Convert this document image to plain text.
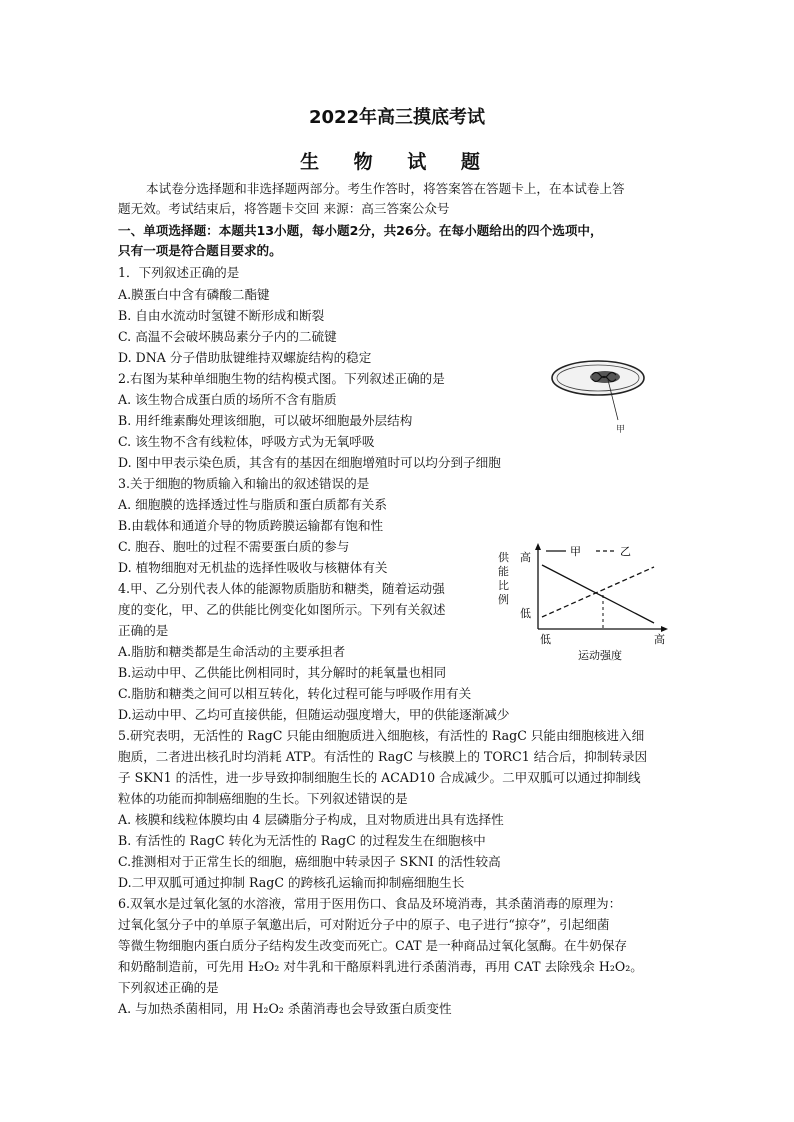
2022年高三摸底考试
生 物 试 题
本试卷分选择题和非选择题两部分。考生作答时，将答案答在答题卡上，在本试卷上答
题无效。考试结束后，将答题卡交回 来源：高三答案公众号
一、单项选择题：本题共13小题，每小题2分，共26分。在每小题给出的四个选项中，
只有一项是符合题目要求的。
1．下列叙述正确的是
A.膜蛋白中含有磷酸二酯键
B. 自由水流动时氢键不断形成和断裂
C. 高温不会破坏胰岛素分子内的二硫键
D. DNA 分子借助肽键维持双螺旋结构的稳定
2.右图为某种单细胞生物的结构模式图。下列叙述正确的是
A. 该生物合成蛋白质的场所不含有脂质
B. 用纤维素酶处理该细胞，可以破坏细胞最外层结构
C. 该生物不含有线粒体，呼吸方式为无氧呼吸
D. 图中甲表示染色质，其含有的基因在细胞增殖时可以均分到子细胞
3.关于细胞的物质输入和输出的叙述错误的是
A. 细胞膜的选择透过性与脂质和蛋白质都有关系
B.由载体和通道介导的物质跨膜运输都有饱和性
C. 胞吞、胞吐的过程不需要蛋白质的参与
D. 植物细胞对无机盐的选择性吸收与核糖体有关
4.甲、乙分别代表人体的能源物质脂肪和糖类，随着运动强
度的变化，甲、乙的供能比例变化如图所示。下列有关叙述
正确的是
A.脂肪和糖类都是生命活动的主要承担者
B.运动中甲、乙供能比例相同时，其分解时的耗氧量也相同
C.脂肪和糖类之间可以相互转化，转化过程可能与呼吸作用有关
D.运动中甲、乙均可直接供能，但随运动强度增大，甲的供能逐渐减少
5.研究表明，无活性的 RagC 只能由细胞质进入细胞核，有活性的 RagC 只能由细胞核进入细
胞质，二者进出核孔时均消耗 ATP。有活性的 RagC 与核膜上的 TORC1 结合后，抑制转录因
子 SKN1 的活性，进一步导致抑制细胞生长的 ACAD10 合成减少。二甲双胍可以通过抑制线
粒体的功能而抑制癌细胞的生长。下列叙述错误的是
A. 核膜和线粒体膜均由 4 层磷脂分子构成，且对物质进出具有选择性
B. 有活性的 RagC 转化为无活性的 RagC 的过程发生在细胞核中
C.推测相对于正常生长的细胞，癌细胞中转录因子 SKNI 的活性较高
D.二甲双胍可通过抑制 RagC 的跨核孔运输而抑制癌细胞生长
6.双氧水是过氧化氢的水溶液，常用于医用伤口、食品及环境消毒，其杀菌消毒的原理为：
过氧化氢分子中的单原子氧邀出后，可对附近分子中的原子、电子进行“掠夺”，引起细菌
等微生物细胞内蛋白质分子结构发生改变而死亡。CAT 是一种商品过氧化氢酶。在牛奶保存
和奶酪制造前，可先用 H₂O₂ 对牛乳和干酪原料乳进行杀菌消毒，再用 CAT 去除残余 H₂O₂。
下列叙述正确的是
A. 与加热杀菌相同，用 H₂O₂ 杀菌消毒也会导致蛋白质变性
甲
供
能
比
例
高
低
甲	乙
低	高
运动强度
